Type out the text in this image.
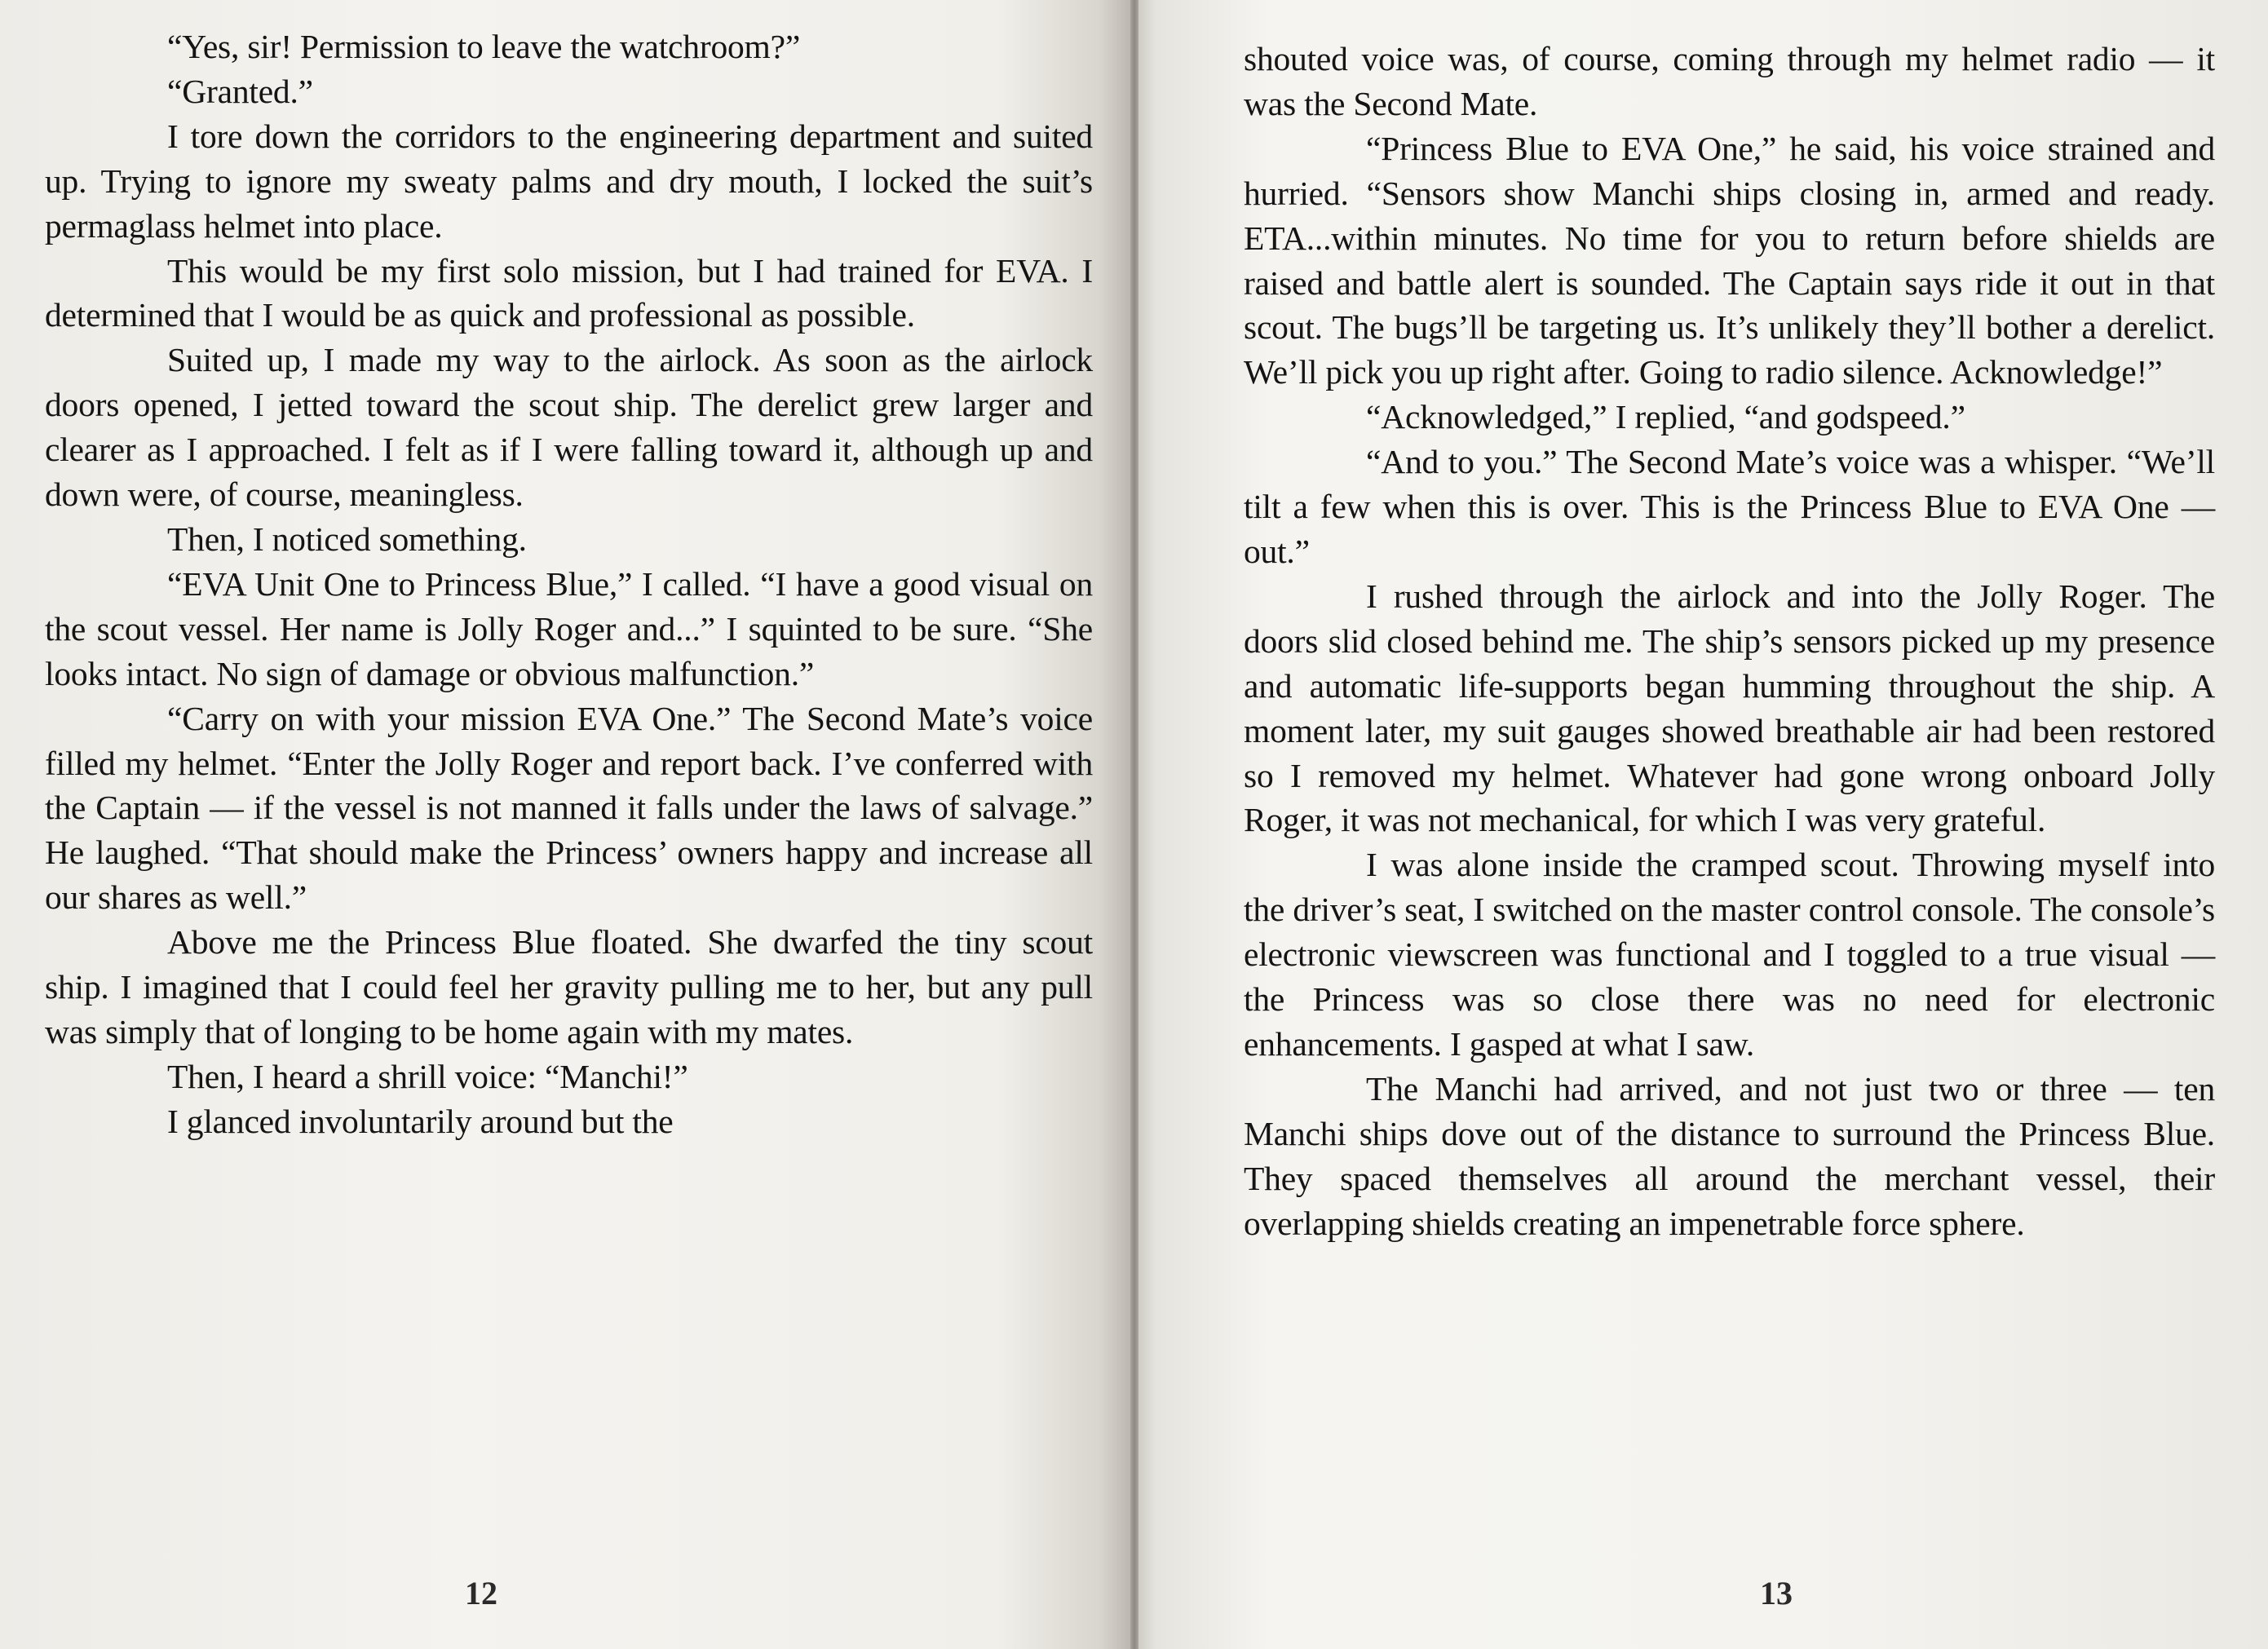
“Yes, sir! Permission to leave the watchroom?”

“Granted.”

I tore down the corridors to the engineering department and suited up. Trying to ignore my sweaty palms and dry mouth, I locked the suit’s permaglass helmet into place.

This would be my first solo mission, but I had trained for EVA. I determined that I would be as quick and professional as possible.

Suited up, I made my way to the airlock. As soon as the airlock doors opened, I jetted toward the scout ship. The derelict grew larger and clearer as I approached. I felt as if I were falling toward it, although up and down were, of course, meaningless.

Then, I noticed something.

“EVA Unit One to Princess Blue,” I called. “I have a good visual on the scout vessel. Her name is Jolly Roger and...” I squinted to be sure. “She looks intact. No sign of damage or obvious malfunction.”

“Carry on with your mission EVA One.” The Second Mate’s voice filled my helmet. “Enter the Jolly Roger and report back. I’ve conferred with the Captain — if the vessel is not manned it falls under the laws of salvage.” He laughed. “That should make the Princess’ owners happy and increase all our shares as well.”

Above me the Princess Blue floated. She dwarfed the tiny scout ship. I imagined that I could feel her gravity pulling me to her, but any pull was simply that of longing to be home again with my mates.

Then, I heard a shrill voice: “Manchi!”

I glanced involuntarily around but the

12

shouted voice was, of course, coming through my helmet radio — it was the Second Mate.

“Princess Blue to EVA One,” he said, his voice strained and hurried. “Sensors show Manchi ships closing in, armed and ready. ETA...within minutes. No time for you to return before shields are raised and battle alert is sounded. The Captain says ride it out in that scout. The bugs’ll be targeting us. It’s unlikely they’ll bother a derelict. We’ll pick you up right after. Going to radio silence. Acknowledge!”

“Acknowledged,” I replied, “and godspeed.”

“And to you.” The Second Mate’s voice was a whisper. “We’ll tilt a few when this is over. This is the Princess Blue to EVA One — out.”

I rushed through the airlock and into the Jolly Roger. The doors slid closed behind me. The ship’s sensors picked up my presence and automatic life-supports began humming throughout the ship. A moment later, my suit gauges showed breathable air had been restored so I removed my helmet. Whatever had gone wrong onboard Jolly Roger, it was not mechanical, for which I was very grateful.

I was alone inside the cramped scout. Throwing myself into the driver’s seat, I switched on the master control console. The console’s electronic viewscreen was functional and I toggled to a true visual — the Princess was so close there was no need for electronic enhancements. I gasped at what I saw.

The Manchi had arrived, and not just two or three — ten Manchi ships dove out of the distance to surround the Princess Blue. They spaced themselves all around the merchant vessel, their overlapping shields creating an impenetrable force sphere.

13
